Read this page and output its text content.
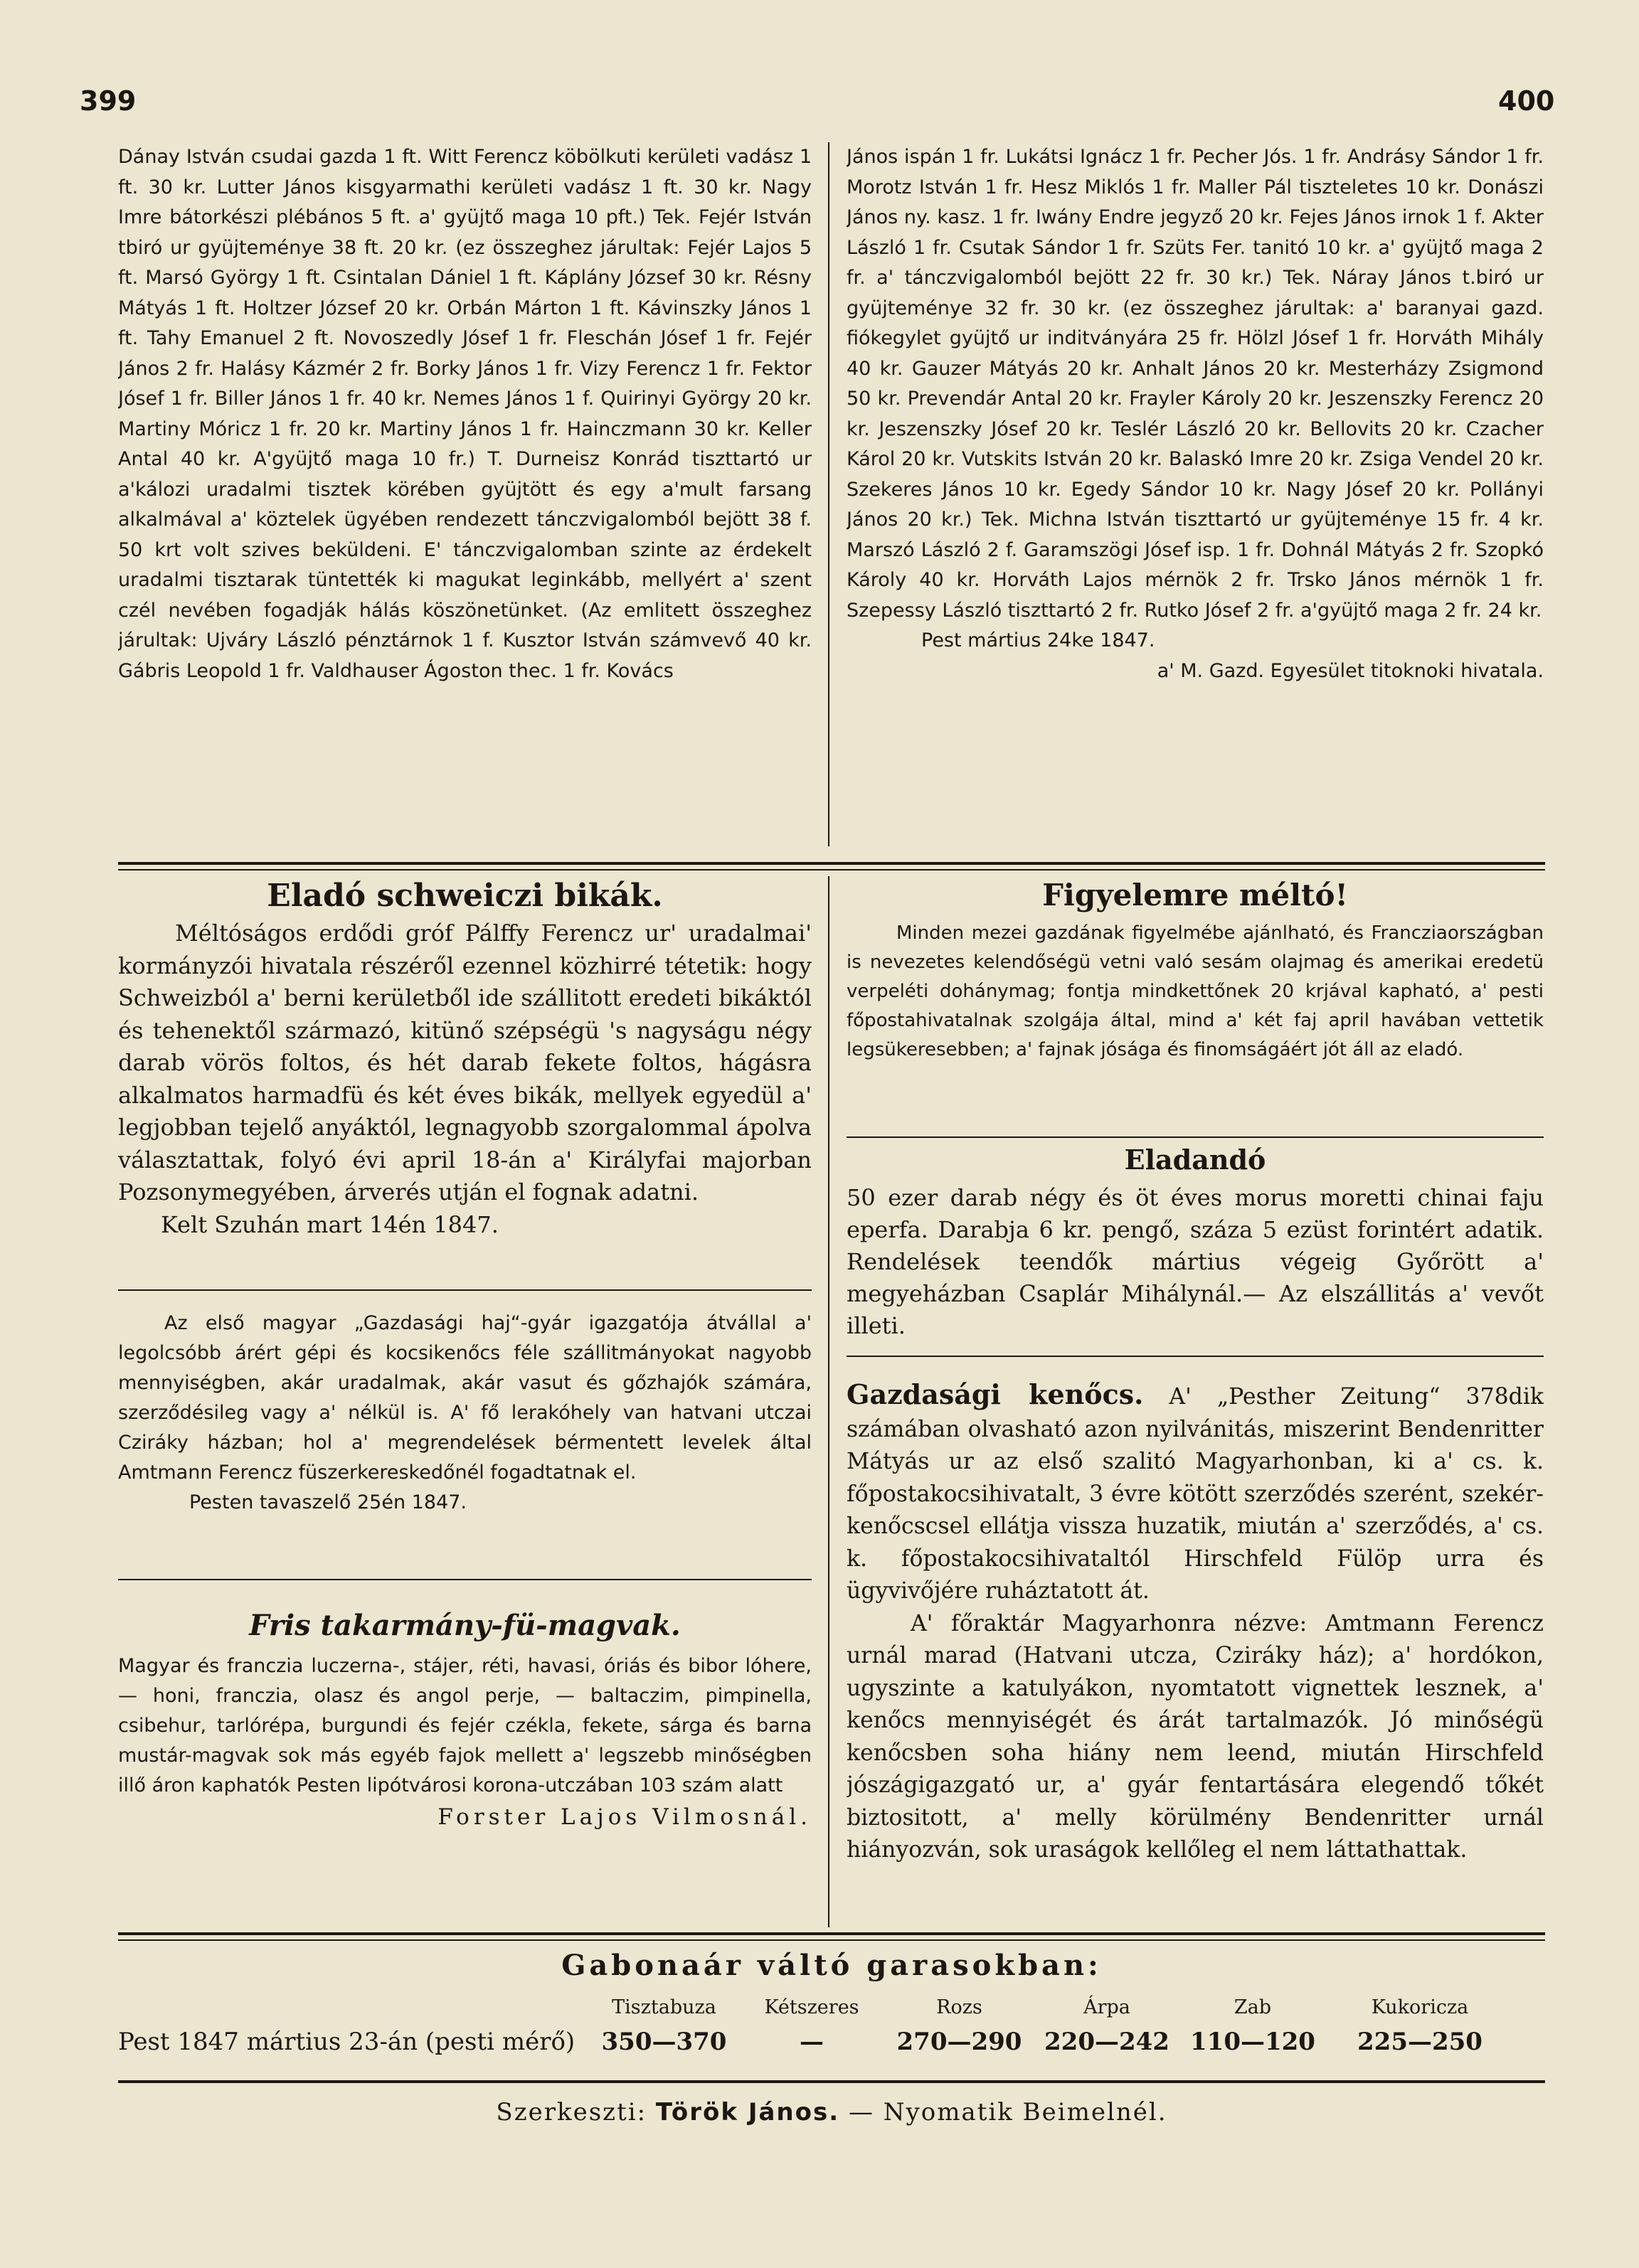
399	400

Dánay István csudai gazda 1 ft. Witt Ferencz köbölkuti kerületi vadász 1 ft. 30 kr. Lutter János kisgyarmathi kerületi vadász 1 ft. 30 kr. Nagy Imre bátorkészi plébános 5 ft. a' gyüjtő maga 10 pft.) Tek. Fejér István tbiró ur gyüjteménye 38 ft. 20 kr. (ez összeghez járultak: Fejér Lajos 5 ft. Marsó György 1 ft. Csintalan Dániel 1 ft. Káplány József 30 kr. Résny Mátyás 1 ft. Holtzer József 20 kr. Orbán Márton 1 ft. Kávinszky János 1 ft. Tahy Emanuel 2 ft. Novoszedly Jósef 1 fr. Fleschán Jósef 1 fr. Fejér János 2 fr. Halásy Kázmér 2 fr. Borky János 1 fr. Vizy Ferencz 1 fr. Fektor Jósef 1 fr. Biller János 1 fr. 40 kr. Nemes János 1 f. Quirinyi György 20 kr. Martiny Móricz 1 fr. 20 kr. Martiny János 1 fr. Hainczmann 30 kr. Keller Antal 40 kr. A'gyüjtő maga 10 fr.) T. Durneisz Konrád tiszttartó ur a'kálozi uradalmi tisztek körében gyüjtött és egy a'mult farsang alkalmával a' köztelek ügyében rendezett tánczvigalomból bejött 38 f. 50 krt volt szives beküldeni. E' tánczvigalomban szinte az érdekelt uradalmi tisztarak tüntették ki magukat leginkább, mellyért a' szent czél nevében fogadják hálás köszönetünket. (Az emlitett összeghez járultak: Ujváry László pénztárnok 1 f. Kusztor István számvevő 40 kr. Gábris Leopold 1 fr. Valdhauser Ágoston thec. 1 fr. Kovács

János ispán 1 fr. Lukátsi Ignácz 1 fr. Pecher Jós. 1 fr. Andrásy Sándor 1 fr. Morotz István 1 fr. Hesz Miklós 1 fr. Maller Pál tiszteletes 10 kr. Donászi János ny. kasz. 1 fr. Iwány Endre jegyző 20 kr. Fejes János irnok 1 f. Akter László 1 fr. Csutak Sándor 1 fr. Szüts Fer. tanitó 10 kr. a' gyüjtő maga 2 fr. a' tánczvigalomból bejött 22 fr. 30 kr.) Tek. Náray János t.biró ur gyüjteménye 32 fr. 30 kr. (ez összeghez járultak: a' baranyai gazd. fiókegylet gyüjtő ur inditványára 25 fr. Hölzl Jósef 1 fr. Horváth Mihály 40 kr. Gauzer Mátyás 20 kr. Anhalt János 20 kr. Mesterházy Zsigmond 50 kr. Prevendár Antal 20 kr. Frayler Károly 20 kr. Jeszenszky Ferencz 20 kr. Jeszenszky Jósef 20 kr. Teslér László 20 kr. Bellovits 20 kr. Czacher Károl 20 kr. Vutskits István 20 kr. Balaskó Imre 20 kr. Zsiga Vendel 20 kr. Szekeres János 10 kr. Egedy Sándor 10 kr. Nagy Jósef 20 kr. Pollányi János 20 kr.) Tek. Michna István tiszttartó ur gyüjteménye 15 fr. 4 kr. Marszó László 2 f. Garamszögi Jósef isp. 1 fr. Dohnál Mátyás 2 fr. Szopkó Károly 40 kr. Horváth Lajos mérnök 2 fr. Trsko János mérnök 1 fr. Szepessy László tiszttartó 2 fr. Rutko Jósef 2 fr. a'gyüjtő maga 2 fr. 24 kr.

Pest mártius 24ke 1847.

a' M. Gazd. Egyesület titoknoki hivatala.

Eladó schweiczi bikák.

Méltóságos erdődi gróf Pálffy Ferencz ur' uradalmai' kormányzói hivatala részéről ezennel közhirré tétetik: hogy Schweizból a' berni kerületből ide szállitott eredeti bikáktól és tehenektől származó, kitünő szépségü 's nagyságu négy darab vörös foltos, és hét darab fekete foltos, hágásra alkalmatos harmadfü és két éves bikák, mellyek egyedül a' legjobban tejelő anyáktól, legnagyobb szorgalommal ápolva választattak, folyó évi april 18-án a' Királyfai majorban Pozsonymegyében, árverés utján el fognak adatni.

Kelt Szuhán mart 14én 1847.

Az első magyar „Gazdasági haj“-gyár igazgatója átvállal a' legolcsóbb árért gépi és kocsikenőcs féle szállitmányokat nagyobb mennyiségben, akár uradalmak, akár vasut és gőzhajók számára, szerződésileg vagy a' nélkül is. A' fő lerakóhely van hatvani utczai Cziráky házban; hol a' megrendelések bérmentett levelek által Amtmann Ferencz füszerkereskedőnél fogadtatnak el.

Pesten tavaszelő 25én 1847.

Fris takarmány-fü-magvak.

Magyar és franczia luczerna-, stájer, réti, havasi, óriás és bibor lóhere, — honi, franczia, olasz és angol perje, — baltaczim, pimpinella, csibehur, tarlórépa, burgundi és fejér czékla, fekete, sárga és barna mustár-magvak sok más egyéb fajok mellett a' legszebb minőségben illő áron kaphatók Pesten lipótvárosi korona-utczában 103 szám alatt

Forster Lajos Vilmosnál.

Figyelemre méltó!

Minden mezei gazdának figyelmébe ajánlható, és Francziaországban is nevezetes kelendőségü vetni való sesám olajmag és amerikai eredetü verpeléti dohánymag; fontja mindkettőnek 20 krjával kapható, a' pesti főpostahivatalnak szolgája által, mind a' két faj april havában vettetik legsükeresebben; a' fajnak jósága és finomságáért jót áll az eladó.

Eladandó

50 ezer darab négy és öt éves morus moretti chinai faju eperfa. Darabja 6 kr. pengő, százа 5 ezüst forintért adatik. Rendelések teendők mártius végeig Győrött a' megyeházban Csaplár Mihálynál.— Az elszállitás a' vevőt illeti.

Gazdasági kenőcs. A' „Pesther Zeitung“ 378dik számában olvasható azon nyilvánitás, miszerint Bendenritter Mátyás ur az első szalitó Magyarhonban, ki a' cs. k. főpostakocsihivatalt, 3 évre kötött szerződés szerént, szekér-kenőcscsel ellátja vissza huzatik, miután a' szerződés, a' cs. k. főpostakocsihivataltól Hirschfeld Fülöp urra és ügyvivőjére ruháztatott át.

A' főraktár Magyarhonra nézve: Amtmann Ferencz urnál marad (Hatvani utcza, Cziráky ház); a' hordókon, ugyszinte a katulyákon, nyomtatott vignettek lesznek, a' kenőcs mennyiségét és árát tartalmazók. Jó minőségü kenőcsben soha hiány nem leend, miután Hirschfeld jószágigazgató ur, a' gyár fentartására elegendő tőkét biztositott, a' melly körülmény Bendenritter urnál hiányozván, sok uraságok kellőleg el nem láttathattak.

Gabonaár váltó garasokban:
	Tisztabuza	Kétszeres	Rozs	Árpa	Zab	Kukoricza
Pest 1847 mártius 23-án (pesti mérő)	350—370	—	270—290	220—242	110—120	225—250
Szerkeszti: Török János. — Nyomatik Beimelnél.
